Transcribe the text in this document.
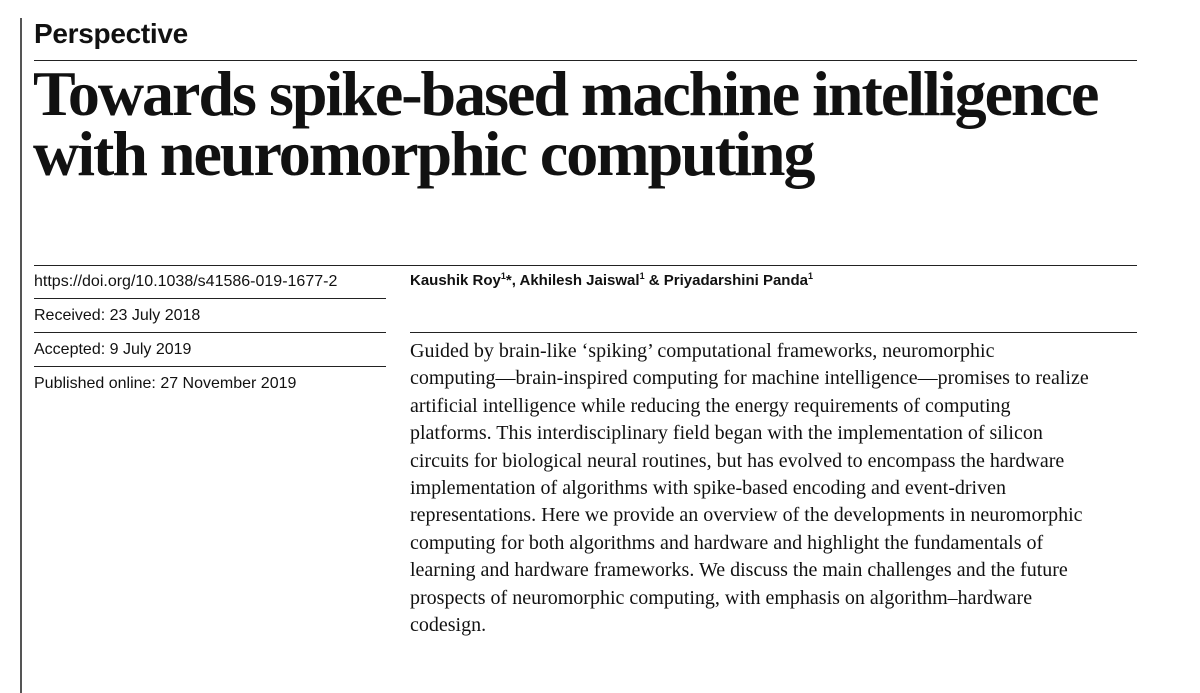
Perspective
Towards spike-based machine intelligence
with neuromorphic computing
https://doi.org/10.1038/s41586-019-1677-2
Received: 23 July 2018
Accepted: 9 July 2019
Published online: 27 November 2019
Kaushik Roy$^1$*, Akhilesh Jaiswal$^1$ & Priyadarshini Panda$^1$

Guided by brain-like ‘spiking’ computational frameworks, neuromorphic
computing—brain-inspired computing for machine intelligence—promises to realize
artificial intelligence while reducing the energy requirements of computing
platforms. This interdisciplinary field began with the implementation of silicon
circuits for biological neural routines, but has evolved to encompass the hardware
implementation of algorithms with spike-based encoding and event-driven
representations. Here we provide an overview of the developments in neuromorphic
computing for both algorithms and hardware and highlight the fundamentals of
learning and hardware frameworks. We discuss the main challenges and the future
prospects of neuromorphic computing, with emphasis on algorithm–hardware
codesign.
